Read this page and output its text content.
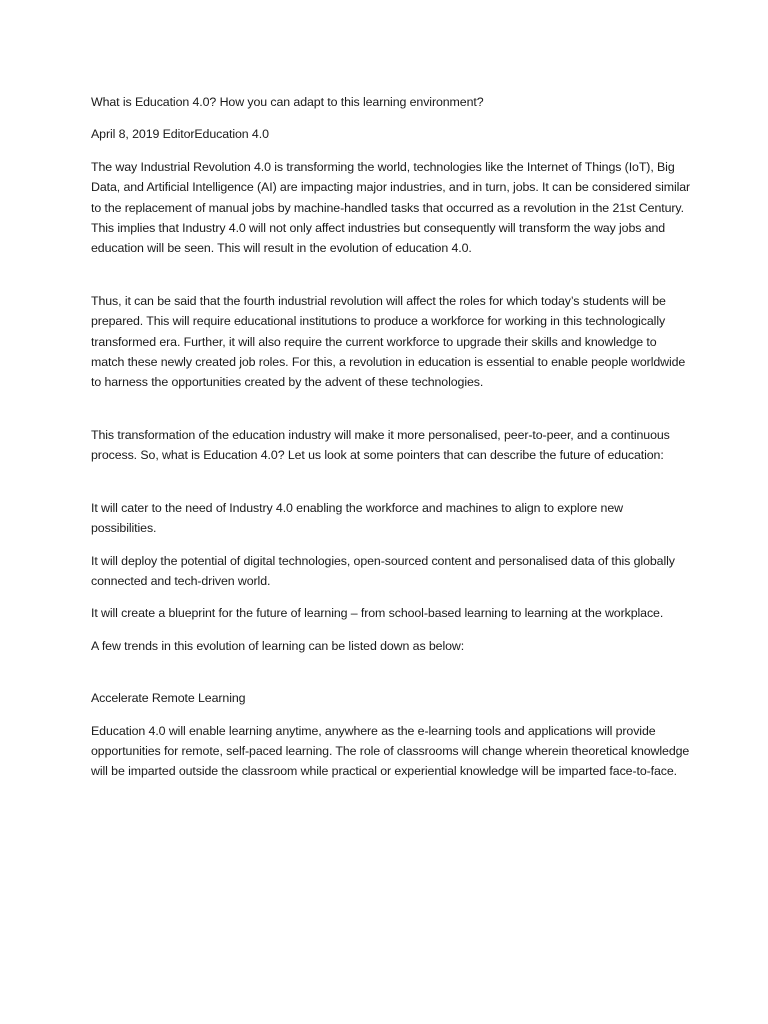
What is Education 4.0? How you can adapt to this learning environment?

April 8, 2019 EditorEducation 4.0

The way Industrial Revolution 4.0 is transforming the world, technologies like the Internet of Things (IoT), Big Data, and Artificial Intelligence (AI) are impacting major industries, and in turn, jobs. It can be considered similar to the replacement of manual jobs by machine-handled tasks that occurred as a revolution in the 21st Century. This implies that Industry 4.0 will not only affect industries but consequently will transform the way jobs and education will be seen. This will result in the evolution of education 4.0.

Thus, it can be said that the fourth industrial revolution will affect the roles for which today’s students will be prepared. This will require educational institutions to produce a workforce for working in this technologically transformed era. Further, it will also require the current workforce to upgrade their skills and knowledge to match these newly created job roles. For this, a revolution in education is essential to enable people worldwide to harness the opportunities created by the advent of these technologies.

This transformation of the education industry will make it more personalised, peer-to-peer, and a continuous process. So, what is Education 4.0? Let us look at some pointers that can describe the future of education:

It will cater to the need of Industry 4.0 enabling the workforce and machines to align to explore new possibilities.

It will deploy the potential of digital technologies, open-sourced content and personalised data of this globally connected and tech-driven world.

It will create a blueprint for the future of learning – from school-based learning to learning at the workplace.

A few trends in this evolution of learning can be listed down as below:

Accelerate Remote Learning

Education 4.0 will enable learning anytime, anywhere as the e-learning tools and applications will provide opportunities for remote, self-paced learning. The role of classrooms will change wherein theoretical knowledge will be imparted outside the classroom while practical or experiential knowledge will be imparted face-to-face.
